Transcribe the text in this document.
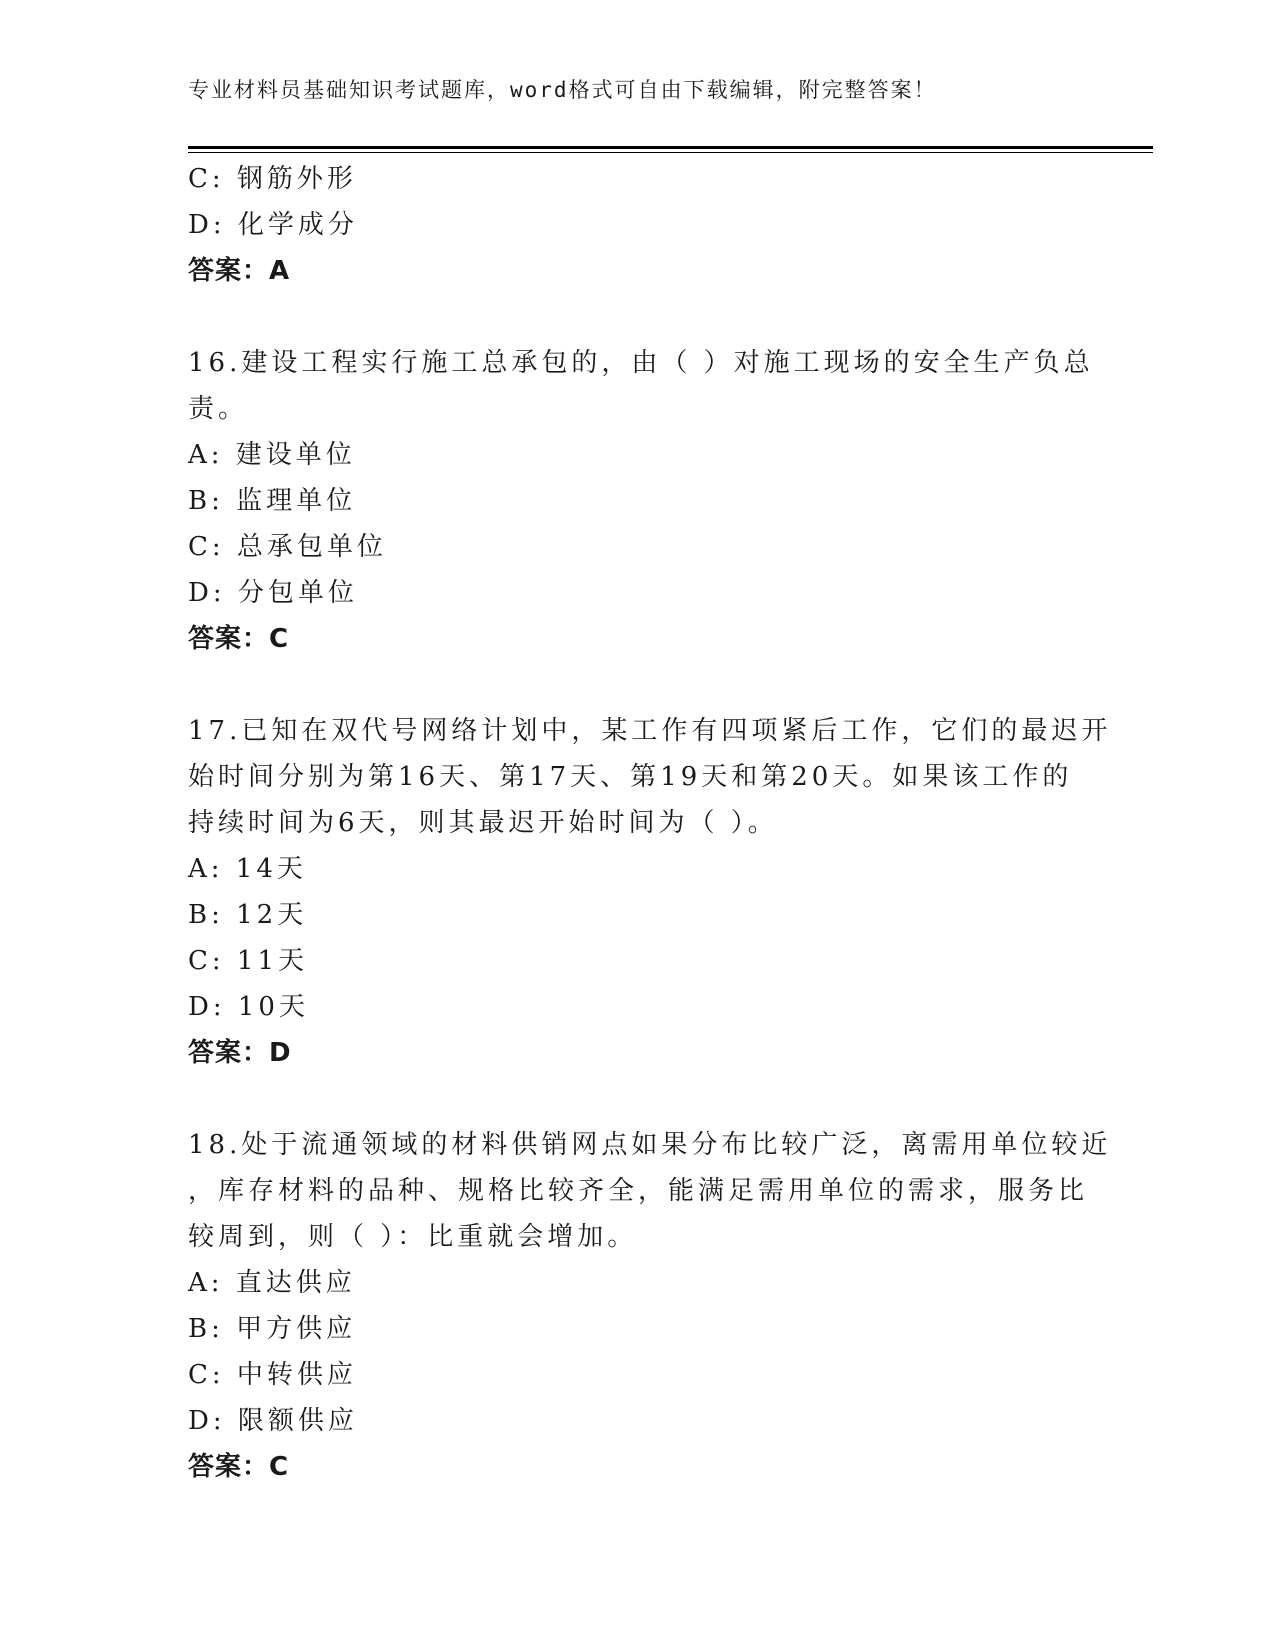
专业材料员基础知识考试题库，word格式可自由下载编辑，附完整答案！
C: 钢筋外形
D: 化学成分
答案：A
16.建设工程实行施工总承包的，由（ ）对施工现场的安全生产负总
责。
A: 建设单位
B: 监理单位
C: 总承包单位
D: 分包单位
答案：C
17.已知在双代号网络计划中，某工作有四项紧后工作，它们的最迟开
始时间分别为第16天、第17天、第19天和第20天。如果该工作的
持续时间为6天，则其最迟开始时间为（ ）。
A: 14天
B: 12天
C: 11天
D: 10天
答案：D
18.处于流通领域的材料供销网点如果分布比较广泛，离需用单位较近
，库存材料的品种、规格比较齐全，能满足需用单位的需求，服务比
较周到，则（ ）：比重就会增加。
A: 直达供应
B: 甲方供应
C: 中转供应
D: 限额供应
答案：C
